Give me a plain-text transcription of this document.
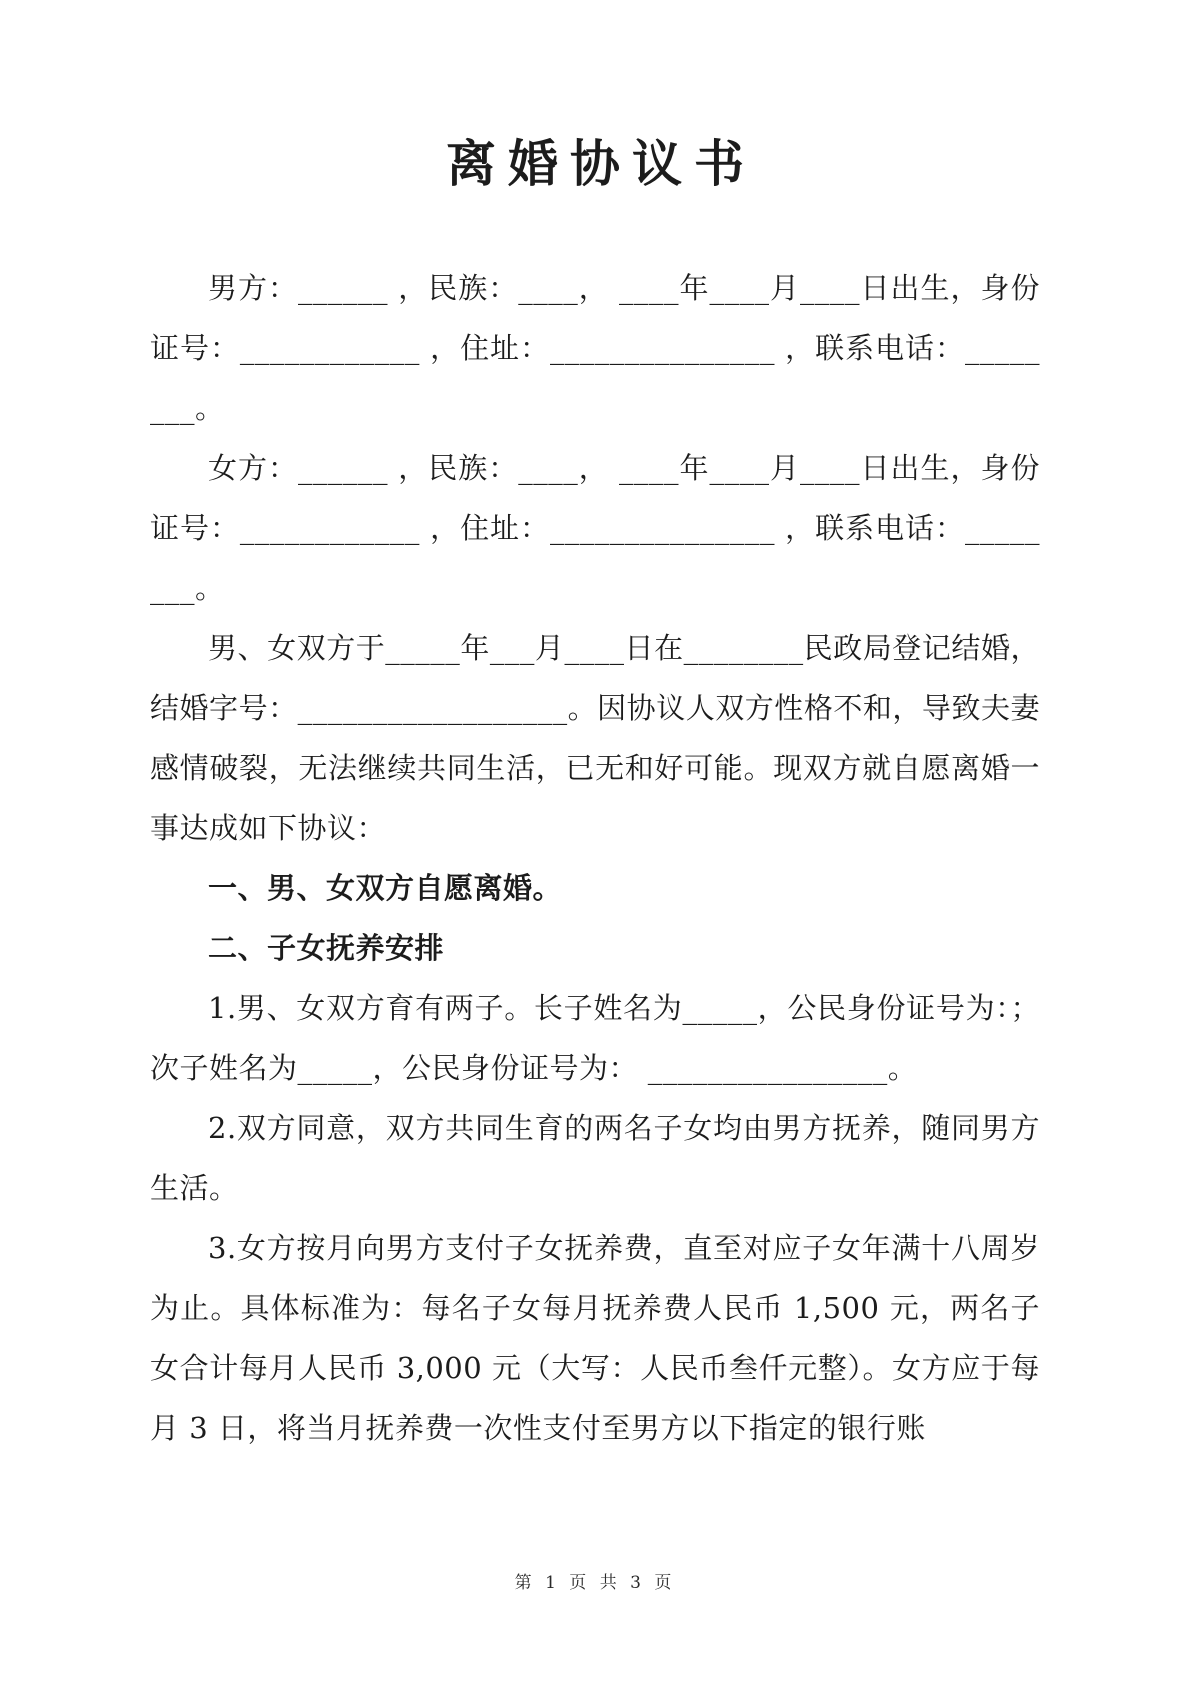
离婚协议书

男方：______ ，民族：____， ____年____月____日出生，身份证号：____________ ，住址：_______________ ，联系电话：________。

女方：______ ，民族：____， ____年____月____日出生，身份证号：____________ ，住址：_______________ ，联系电话：________。

男、女双方于_____年___月____日在________民政局登记结婚，结婚字号：__________________。因协议人双方性格不和，导致夫妻感情破裂，无法继续共同生活，已无和好可能。现双方就自愿离婚一事达成如下协议：

一、男、女双方自愿离婚。

二、子女抚养安排

1.男、女双方育有两子。长子姓名为_____，公民身份证号为：；次子姓名为_____，公民身份证号为： ________________。

2.双方同意，双方共同生育的两名子女均由男方抚养，随同男方生活。

3.女方按月向男方支付子女抚养费，直至对应子女年满十八周岁为止。具体标准为：每名子女每月抚养费人民币 1,500 元，两名子女合计每月人民币 3,000 元（大写：人民币叁仟元整）。女方应于每月 3 日，将当月抚养费一次性支付至男方以下指定的银行账

第 1 页 共 3 页
